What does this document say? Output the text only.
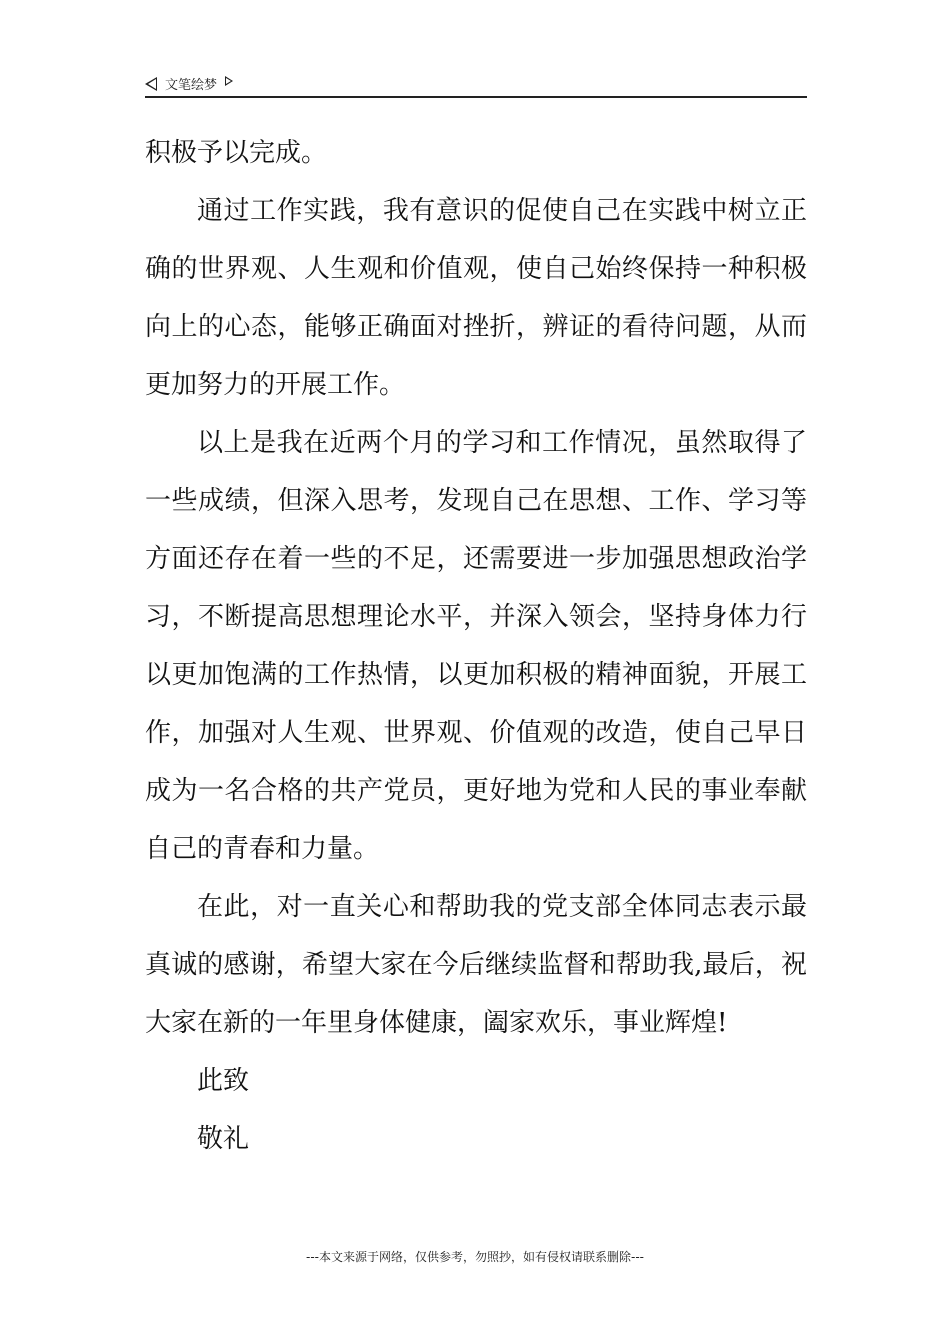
文笔绘梦

积极予以完成。

通过工作实践，我有意识的促使自己在实践中树立正确的世界观、人生观和价值观，使自己始终保持一种积极向上的心态，能够正确面对挫折，辨证的看待问题，从而更加努力的开展工作。

以上是我在近两个月的学习和工作情况，虽然取得了一些成绩，但深入思考，发现自己在思想、工作、学习等方面还存在着一些的不足，还需要进一步加强思想政治学习，不断提高思想理论水平，并深入领会，坚持身体力行以更加饱满的工作热情，以更加积极的精神面貌，开展工作，加强对人生观、世界观、价值观的改造，使自己早日成为一名合格的共产党员，更好地为党和人民的事业奉献自己的青春和力量。

在此，对一直关心和帮助我的党支部全体同志表示最真诚的感谢，希望大家在今后继续监督和帮助我,最后，祝大家在新的一年里身体健康，阖家欢乐，事业辉煌!

此致

敬礼

---本文来源于网络，仅供参考，勿照抄，如有侵权请联系删除---
